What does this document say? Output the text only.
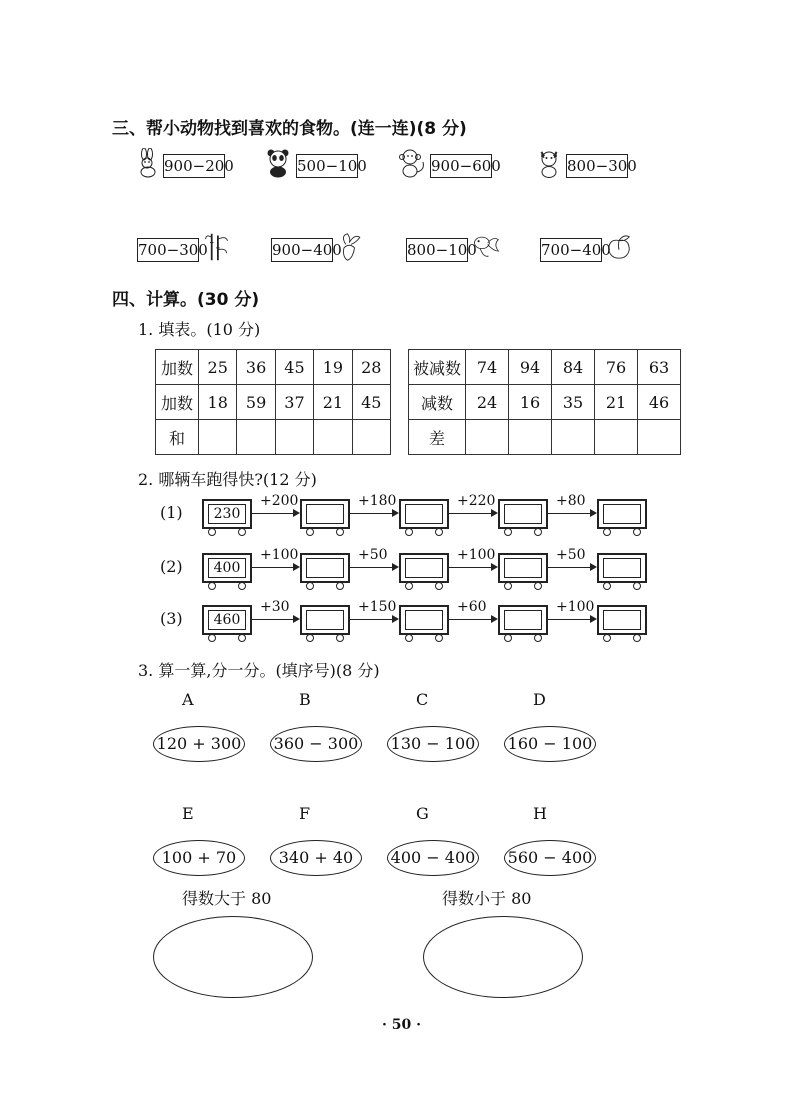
三、帮小动物找到喜欢的食物。(连一连)(8 分)
900−200	500−100	900−600	800−300
700−300	900−400	800−100	700−400
四、计算。(30 分)
1. 填表。(10 分)
加数	25	36	45	19	28
加数	18	59	37	21	45
和					
被减数	74	94	84	76	63
减数	24	16	35	21	46
差					
2. 哪辆车跑得快?(12 分)
(1)	230
+200	+180	+220	+80
(2)	400
+100	+50	+100	+50
(3)	460
+30	+150	+60	+100
3. 算一算,分一分。(填序号)(8 分)
A
120 + 300
B
360 − 300
C
130 − 100
D
160 − 100
E
100 + 70
F
340 + 40
G
400 − 400
H
560 − 400
得数大于 80	得数小于 80
· 50 ·
